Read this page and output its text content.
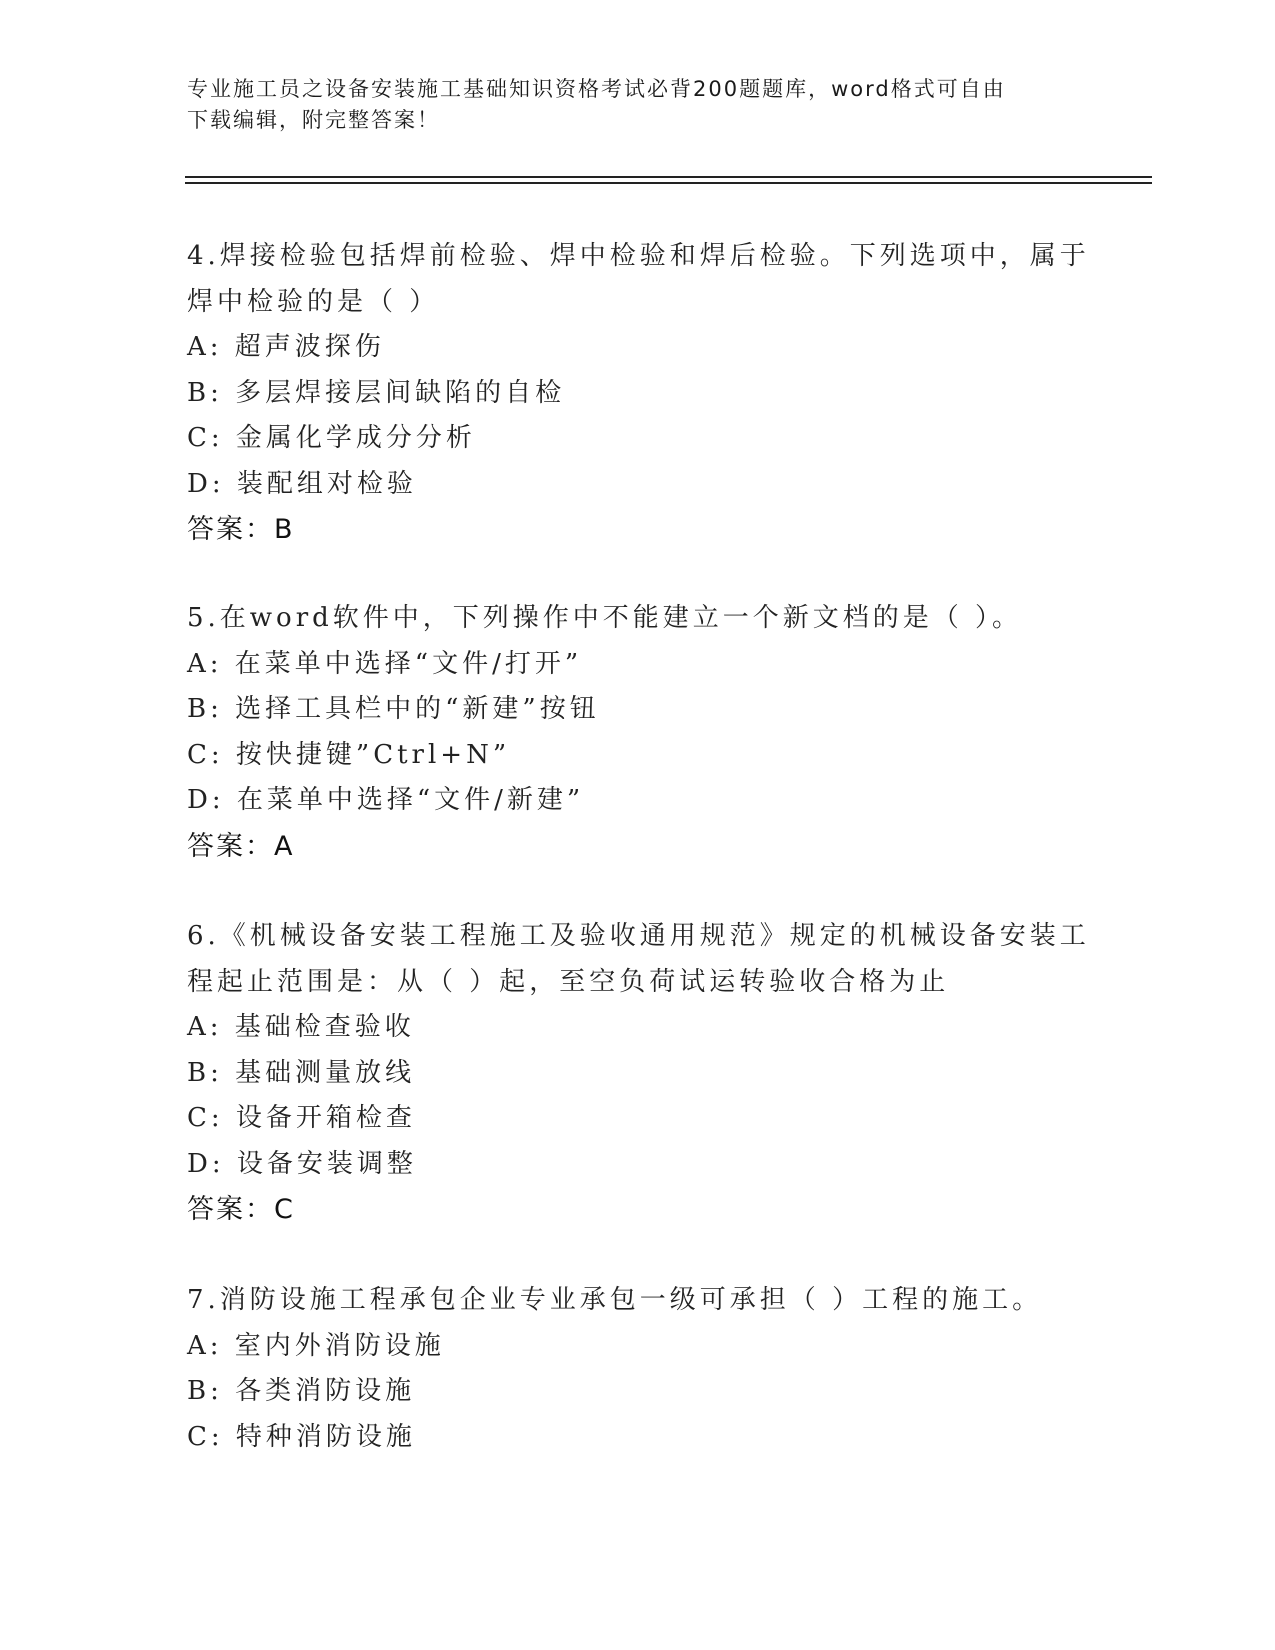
专业施工员之设备安装施工基础知识资格考试必背200题题库，word格式可自由
下载编辑，附完整答案！
4.焊接检验包括焊前检验、焊中检验和焊后检验。下列选项中，属于
焊中检验的是（ ）
A: 超声波探伤
B: 多层焊接层间缺陷的自检
C: 金属化学成分分析
D: 装配组对检验
答案：B
5.在word软件中，下列操作中不能建立一个新文档的是（ ）。
A: 在菜单中选择“文件/打开”
B: 选择工具栏中的“新建”按钮
C: 按快捷键”Ctrl+N”
D: 在菜单中选择“文件/新建”
答案：A
6.《机械设备安装工程施工及验收通用规范》规定的机械设备安装工
程起止范围是：从（ ）起，至空负荷试运转验收合格为止
A: 基础检查验收
B: 基础测量放线
C: 设备开箱检查
D: 设备安装调整
答案：C
7.消防设施工程承包企业专业承包一级可承担（ ）工程的施工。
A: 室内外消防设施
B: 各类消防设施
C: 特种消防设施
